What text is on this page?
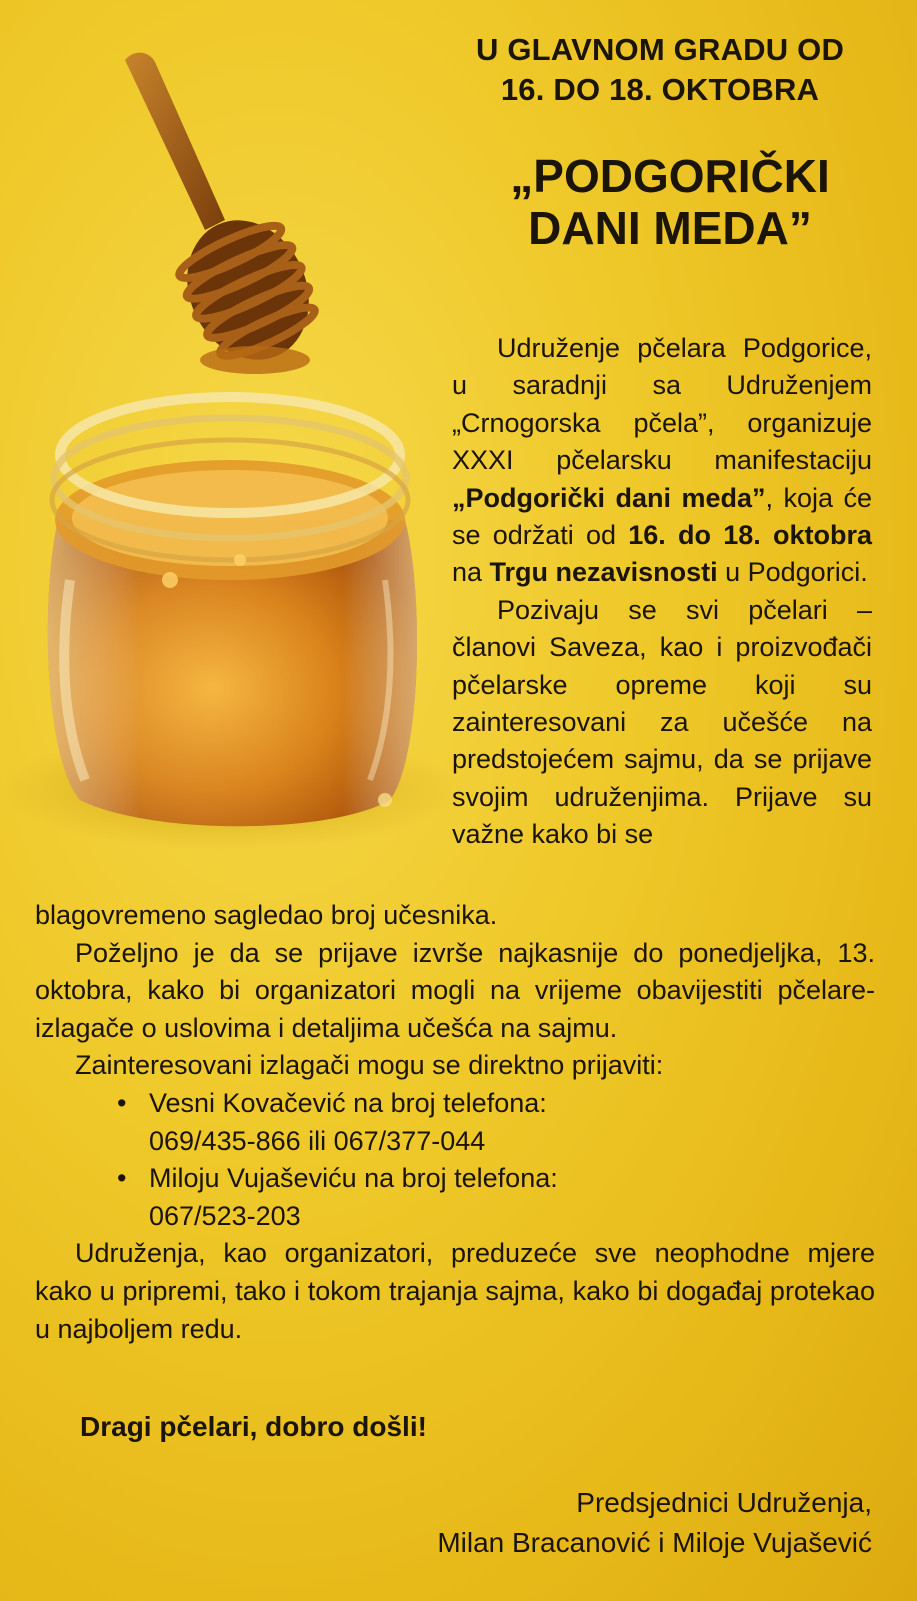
U GLAVNOM GRADU OD
16. DO 18. OKTOBRA
„PODGORIČKI
DANI MEDA”

Udruženje pčelara Podgorice, u saradnji sa Udruženjem „Crnogorska pčela”, organizuje XXXI pčelarsku manifestaciju „Podgorički dani meda”, koja će se održati od 16. do 18. oktobra na Trgu nezavisnosti u Podgorici.

Pozivaju se svi pčelari – članovi Saveza, kao i proizvođači pčelarske opreme koji su zainteresovani za učešće na predstojećem sajmu, da se prijave svojim udruženjima. Prijave su važne kako bi se

blagovremeno sagledao broj učesnika.

Poželjno je da se prijave izvrše najkasnije do ponedjeljka, 13. oktobra, kako bi organizatori mogli na vrijeme obavijestiti pčelare-izlagače o uslovima i detaljima učešća na sajmu.

Zainteresovani izlagači mogu se direktno prijaviti:

• Vesni Kovačević na broj telefona:
069/435-866 ili 067/377-044
• Miloju Vujaševiću na broj telefona:
067/523-203

Udruženja, kao organizatori, preduzeće sve neophodne mjere kako u pripremi, tako i tokom trajanja sajma, kako bi događaj protekao u najboljem redu.

Dragi pčelari, dobro došli!
Predsjednici Udruženja,
Milan Bracanović i Miloje Vujašević
